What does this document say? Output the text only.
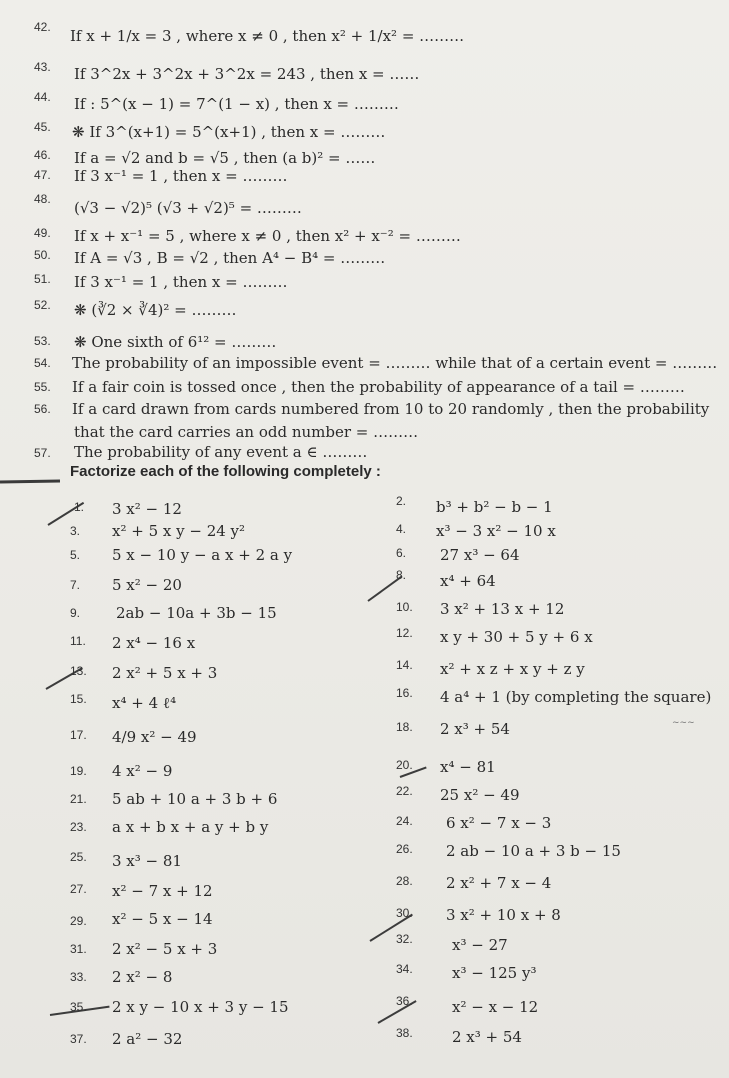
42. If x + 1/x = 3 , where x ≠ 0 , then x² + 1/x² = ………
43. If 3^2x + 3^2x + 3^2x = 243 , then x = ……
44. If : 5^(x − 1) = 7^(1 − x) , then x = ………
45. ❋ If 3^(x+1) = 5^(x+1) , then x = ………
46. If a = √2 and b = √5 , then (a b)² = ……
47. If 3 x⁻¹ = 1 , then x = ………
48. (√3 − √2)⁵ (√3 + √2)⁵ = ………
49. If x + x⁻¹ = 5 , where x ≠ 0 , then x² + x⁻² = ………
50. If A = √3 , B = √2 , then A⁴ − B⁴ = ………
51. If 3 x⁻¹ = 1 , then x = ………
52. ❋ (∛2 × ∛4)² = ………
53. ❋ One sixth of 6¹² = ………
54. The probability of an impossible event = ……… while that of a certain event = ………
55. If a fair coin is tossed once , then the probability of appearance of a tail = ………
56. If a card drawn from cards numbered from 10 to 20 randomly , then the probability
that the card carries an odd number = ………
57. The probability of any event a ∈ ………
Factorize each of the following completely :
~~~
1. 3 x² − 12
3. x² + 5 x y − 24 y²
5. 5 x − 10 y − a x + 2 a y
7. 5 x² − 20
9. 2ab − 10a + 3b − 15
11. 2 x⁴ − 16 x
13. 2 x² + 5 x + 3
15. x⁴ + 4 ℓ⁴
17. 4/9 x² − 49
19. 4 x² − 9
21. 5 ab + 10 a + 3 b + 6
23. a x + b x + a y + b y
25. 3 x³ − 81
27. x² − 7 x + 12
29. x² − 5 x − 14
31. 2 x² − 5 x + 3
33. 2 x² − 8
35. 2 x y − 10 x + 3 y − 15
37. 2 a² − 32
2. b³ + b² − b − 1
4. x³ − 3 x² − 10 x
6. 27 x³ − 64
8. x⁴ + 64
10. 3 x² + 13 x + 12
12. x y + 30 + 5 y + 6 x
14. x² + x z + x y + z y
16. 4 a⁴ + 1 (by completing the square)
18. 2 x³ + 54
20. x⁴ − 81
22. 25 x² − 49
24. 6 x² − 7 x − 3
26. 2 ab − 10 a + 3 b − 15
28. 2 x² + 7 x − 4
30. 3 x² + 10 x + 8
32.	x³ − 27
34.	x³ − 125 y³
36.	x² − x − 12
38.	2 x³ + 54
